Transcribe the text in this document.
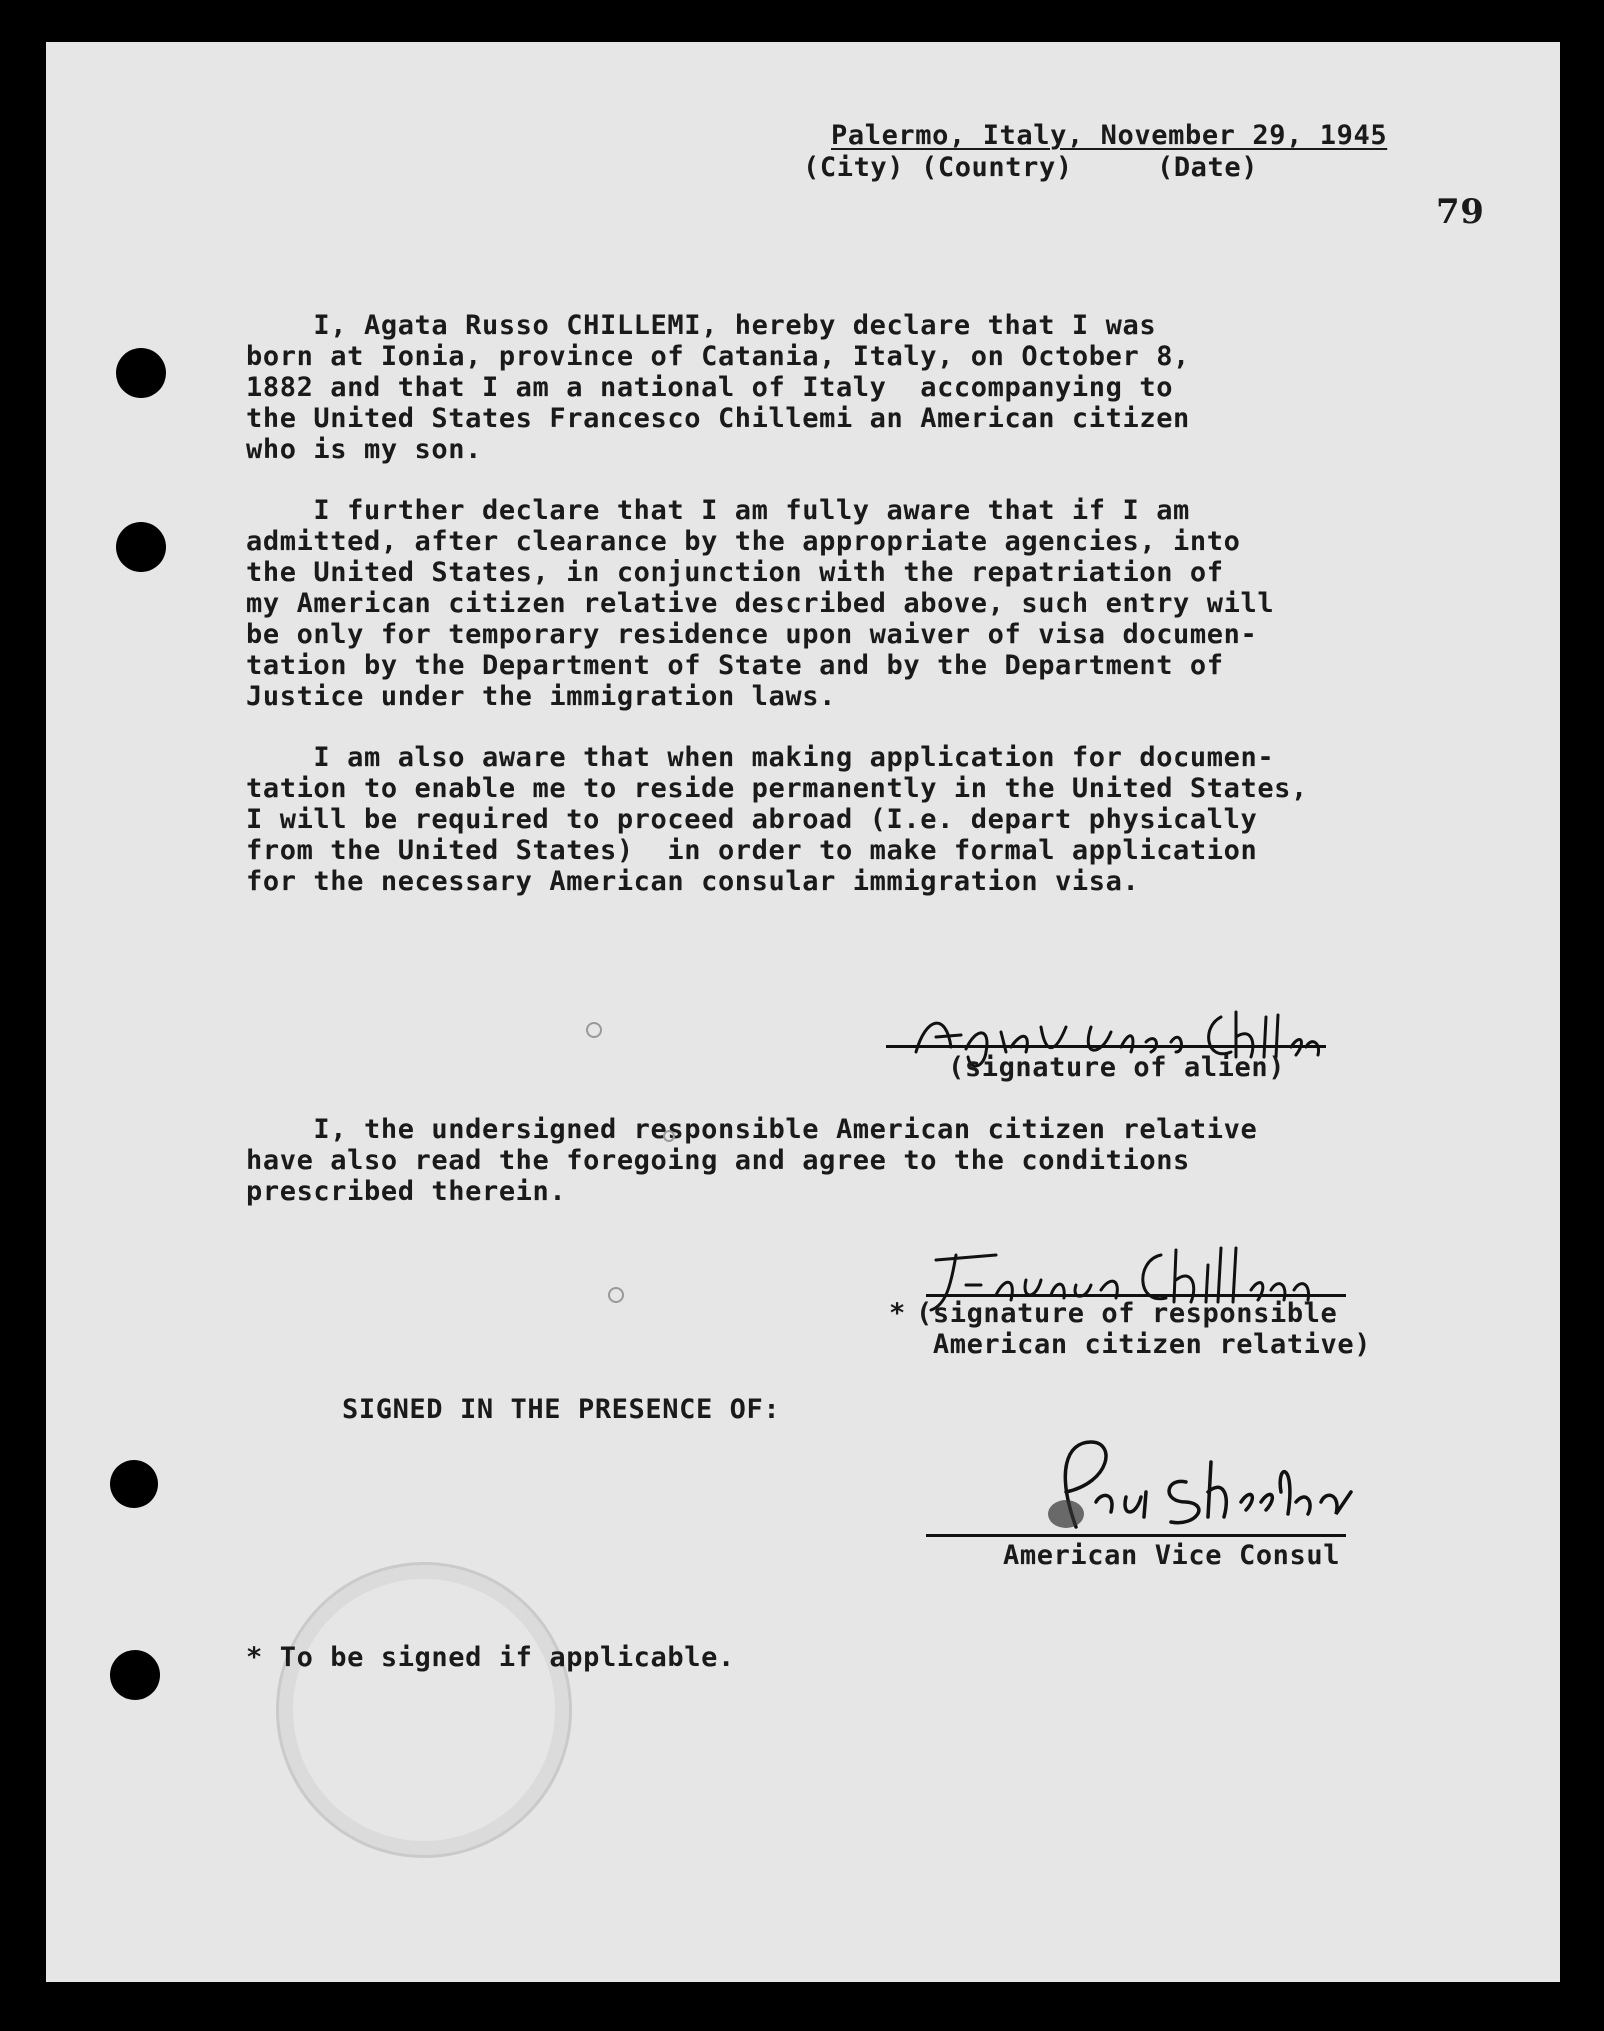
Palermo, Italy, November 29, 1945
(City) (Country)     (Date)
79
I, Agata Russo CHILLEMI, hereby declare that I was
born at Ionia, province of Catania, Italy, on October 8,
1882 and that I am a national of Italy  accompanying to
the United States Francesco Chillemi an American citizen
who is my son.
I further declare that I am fully aware that if I am
admitted, after clearance by the appropriate agencies, into
the United States, in conjunction with the repatriation of
my American citizen relative described above, such entry will
be only for temporary residence upon waiver of visa documen-
tation by the Department of State and by the Department of
Justice under the immigration laws.
I am also aware that when making application for documen-
tation to enable me to reside permanently in the United States,
I will be required to proceed abroad (I.e. depart physically
from the United States)  in order to make formal application
for the necessary American consular immigration visa.
(signature of alien)
I, the undersigned responsible American citizen relative
have also read the foregoing and agree to the conditions
prescribed therein.
* (signature of responsible
American citizen relative)
SIGNED IN THE PRESENCE OF:
American Vice Consul
* To be signed if applicable.
